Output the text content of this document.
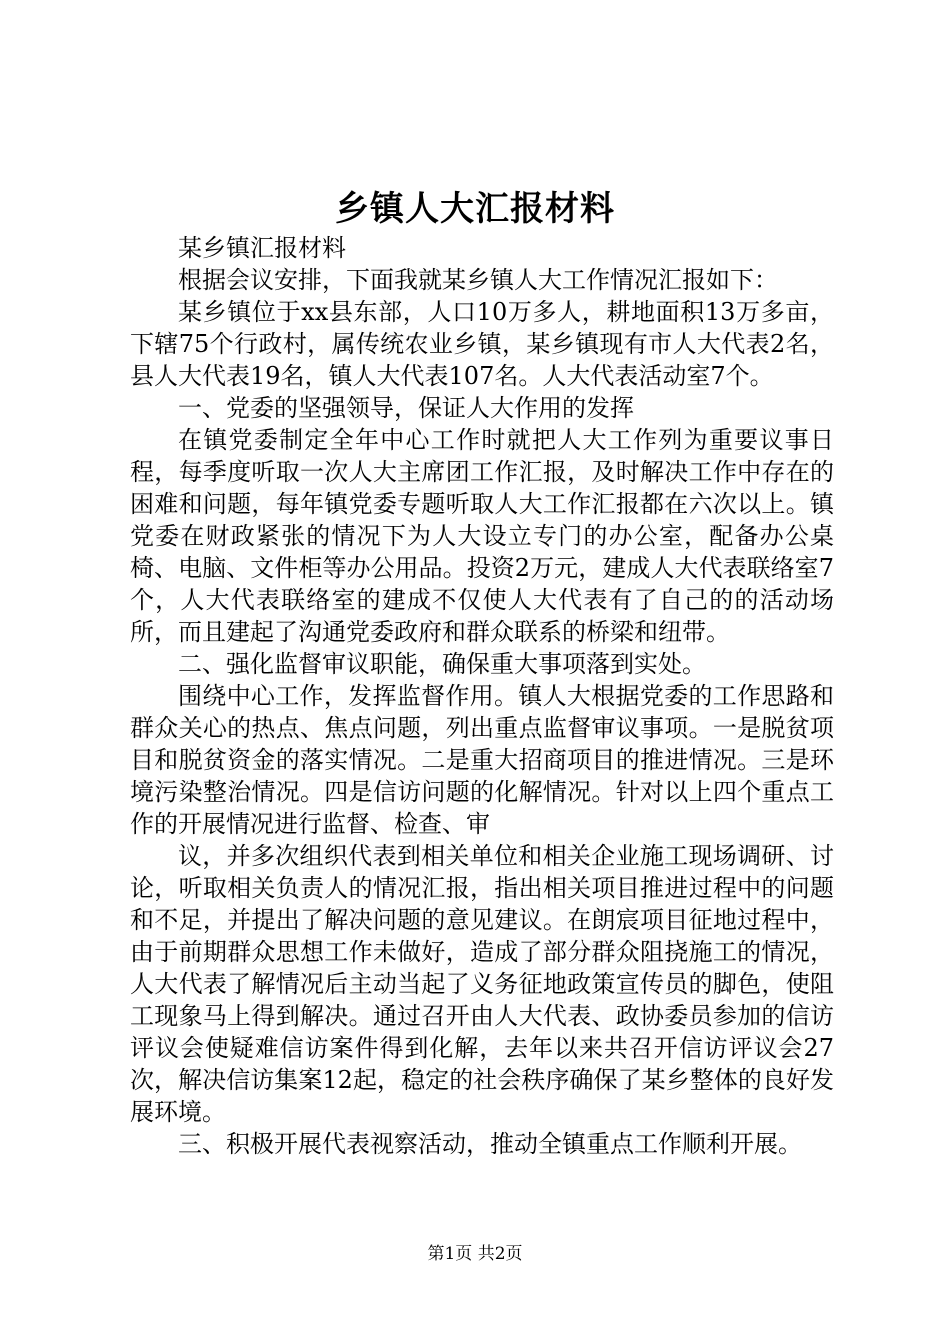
乡镇人大汇报材料

某乡镇汇报材料

根据会议安排，下面我就某乡镇人大工作情况汇报如下：

某乡镇位于xx县东部，人口10万多人，耕地面积13万多亩，下辖75个行政村，属传统农业乡镇，某乡镇现有市人大代表2名，县人大代表19名，镇人大代表107名。人大代表活动室7个。

一、党委的坚强领导，保证人大作用的发挥

在镇党委制定全年中心工作时就把人大工作列为重要议事日程，每季度听取一次人大主席团工作汇报，及时解决工作中存在的困难和问题，每年镇党委专题听取人大工作汇报都在六次以上。镇党委在财政紧张的情况下为人大设立专门的办公室，配备办公桌椅、电脑、文件柜等办公用品。投资2万元，建成人大代表联络室7个，人大代表联络室的建成不仅使人大代表有了自己的的活动场所，而且建起了沟通党委政府和群众联系的桥梁和纽带。

二、强化监督审议职能，确保重大事项落到实处。

围绕中心工作，发挥监督作用。镇人大根据党委的工作思路和群众关心的热点、焦点问题，列出重点监督审议事项。一是脱贫项目和脱贫资金的落实情况。二是重大招商项目的推进情况。三是环境污染整治情况。四是信访问题的化解情况。针对以上四个重点工作的开展情况进行监督、检查、审

议，并多次组织代表到相关单位和相关企业施工现场调研、讨论，听取相关负责人的情况汇报，指出相关项目推进过程中的问题和不足，并提出了解决问题的意见建议。在朗宸项目征地过程中，由于前期群众思想工作未做好，造成了部分群众阻挠施工的情况，人大代表了解情况后主动当起了义务征地政策宣传员的脚色，使阻工现象马上得到解决。通过召开由人大代表、政协委员参加的信访评议会使疑难信访案件得到化解，去年以来共召开信访评议会27次，解决信访集案12起，稳定的社会秩序确保了某乡整体的良好发展环境。

三、积极开展代表视察活动，推动全镇重点工作顺利开展。

第1页 共2页
